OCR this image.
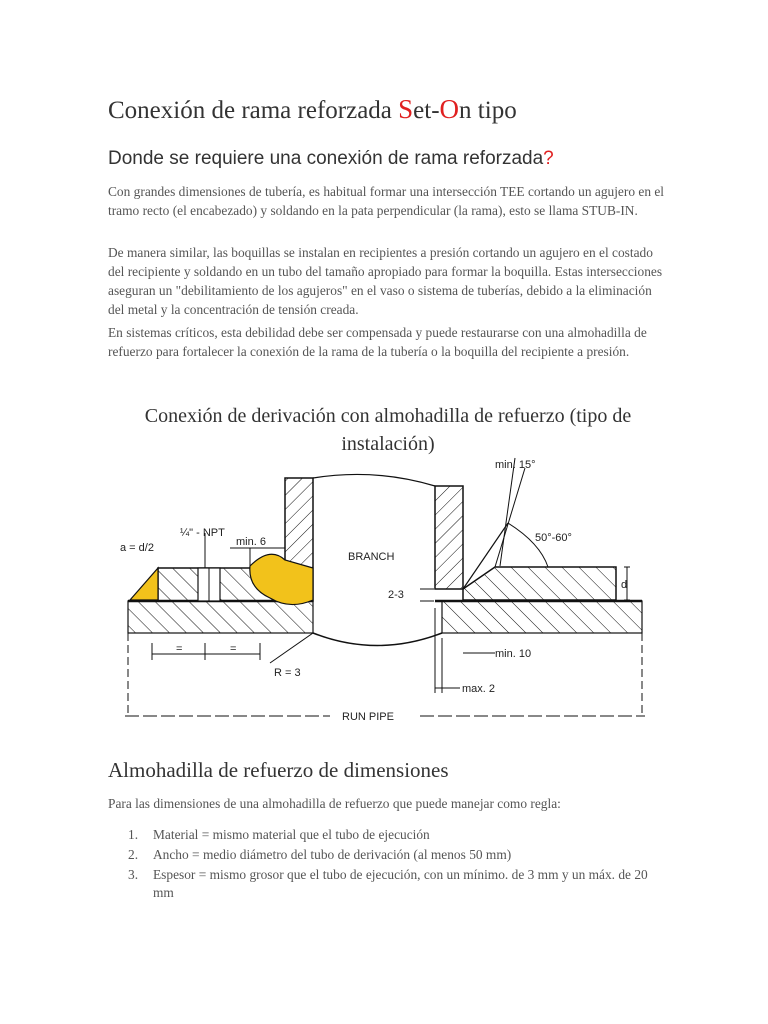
Conexión de rama reforzada Set-On tipo
Donde se requiere una conexión de rama reforzada?

Con grandes dimensiones de tubería, es habitual formar una intersección TEE cortando un agujero en el tramo recto (el encabezado) y soldando en la pata perpendicular (la rama), esto se llama STUB-IN.

De manera similar, las boquillas se instalan en recipientes a presión cortando un agujero en el costado del recipiente y soldando en un tubo del tamaño apropiado para formar la boquilla. Estas intersecciones aseguran un "debilitamiento de los agujeros" en el vaso o sistema de tuberías, debido a la eliminación del metal y la concentración de tensión creada.

En sistemas críticos, esta debilidad debe ser compensada y puede restaurarse con una almohadilla de refuerzo para fortalecer la conexión de la rama de la tubería o la boquilla del recipiente a presión.

Conexión de derivación con almohadilla de refuerzo (tipo de instalación)

Almohadilla de refuerzo de dimensiones

Para las dimensiones de una almohadilla de refuerzo que puede manejar como regla:

1. Material = mismo material que el tubo de ejecución
2. Ancho = medio diámetro del tubo de derivación (al menos 50 mm)
3. Espesor = mismo grosor que el tubo de ejecución, con un mínimo. de 3 mm y un máx. de 20 mm
a = d/2
¼" - NPT
min. 6
BRANCH
min. 15°
50°-60°
d
2-3
min. 10
R = 3
max. 2
=	=
RUN PIPE
